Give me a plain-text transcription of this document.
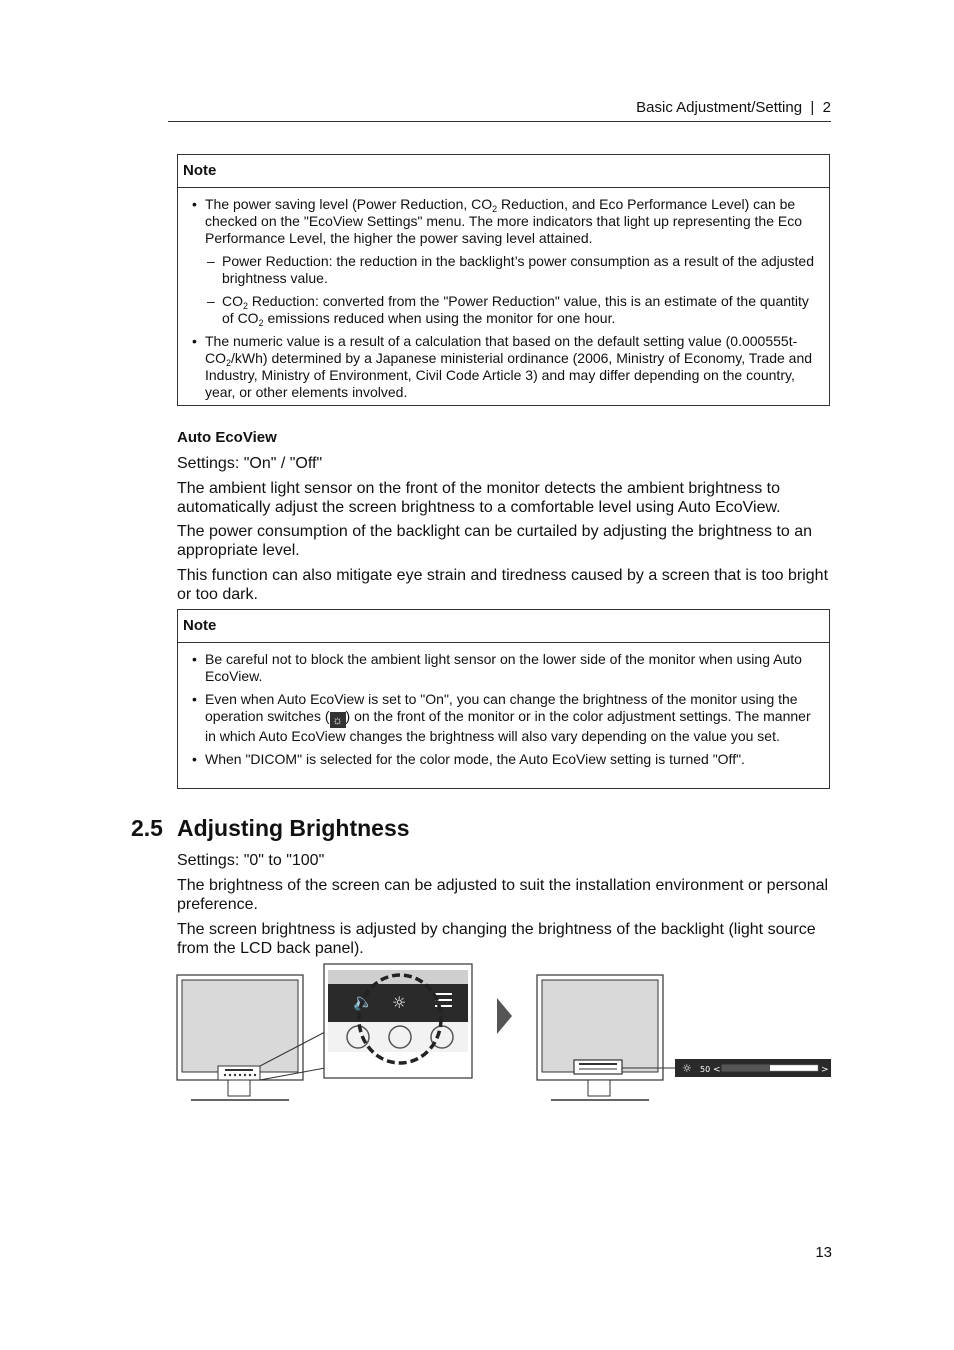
Basic Adjustment/Setting  |  2
Note
• The power saving level (Power Reduction, $CO_2$ Reduction, and Eco Performance Level) can be checked on the "EcoView Settings" menu. The more indicators that light up representing the Eco Performance Level, the higher the power saving level attained.
– Power Reduction: the reduction in the backlight’s power consumption as a result of the adjusted brightness value.
– $CO_2$ Reduction: converted from the "Power Reduction" value, this is an estimate of the quantity of $CO_2$ emissions reduced when using the monitor for one hour.
• The numeric value is a result of a calculation that based on the default setting value $(0.000555t-CO_2/kWh)$ determined by a Japanese ministerial ordinance (2006, Ministry of Economy, Trade and Industry, Ministry of Environment, Civil Code Article 3) and may differ depending on the country, year, or other elements involved.
Auto EcoView
Settings: "On" / "Off"
The ambient light sensor on the front of the monitor detects the ambient brightness to automatically adjust the screen brightness to a comfortable level using Auto EcoView.
The power consumption of the backlight can be curtailed by adjusting the brightness to an appropriate level.
This function can also mitigate eye strain and tiredness caused by a screen that is too bright or too dark.
Note
• Be careful not to block the ambient light sensor on the lower side of the monitor when using Auto EcoView.
• Even when Auto EcoView is set to "On", you can change the brightness of the monitor using the operation switches ( ☼ ) on the front of the monitor or in the color adjustment settings. The manner in which Auto EcoView changes the brightness will also vary depending on the value you set.
• When "DICOM" is selected for the color mode, the Auto EcoView setting is turned "Off".
2.5 Adjusting Brightness
Settings: "0" to "100"
The brightness of the screen can be adjusted to suit the installation environment or personal preference.
The screen brightness is adjusted by changing the brightness of the backlight (light source from the LCD back panel).
🔈 ☼
☼ 50 <	>
13
